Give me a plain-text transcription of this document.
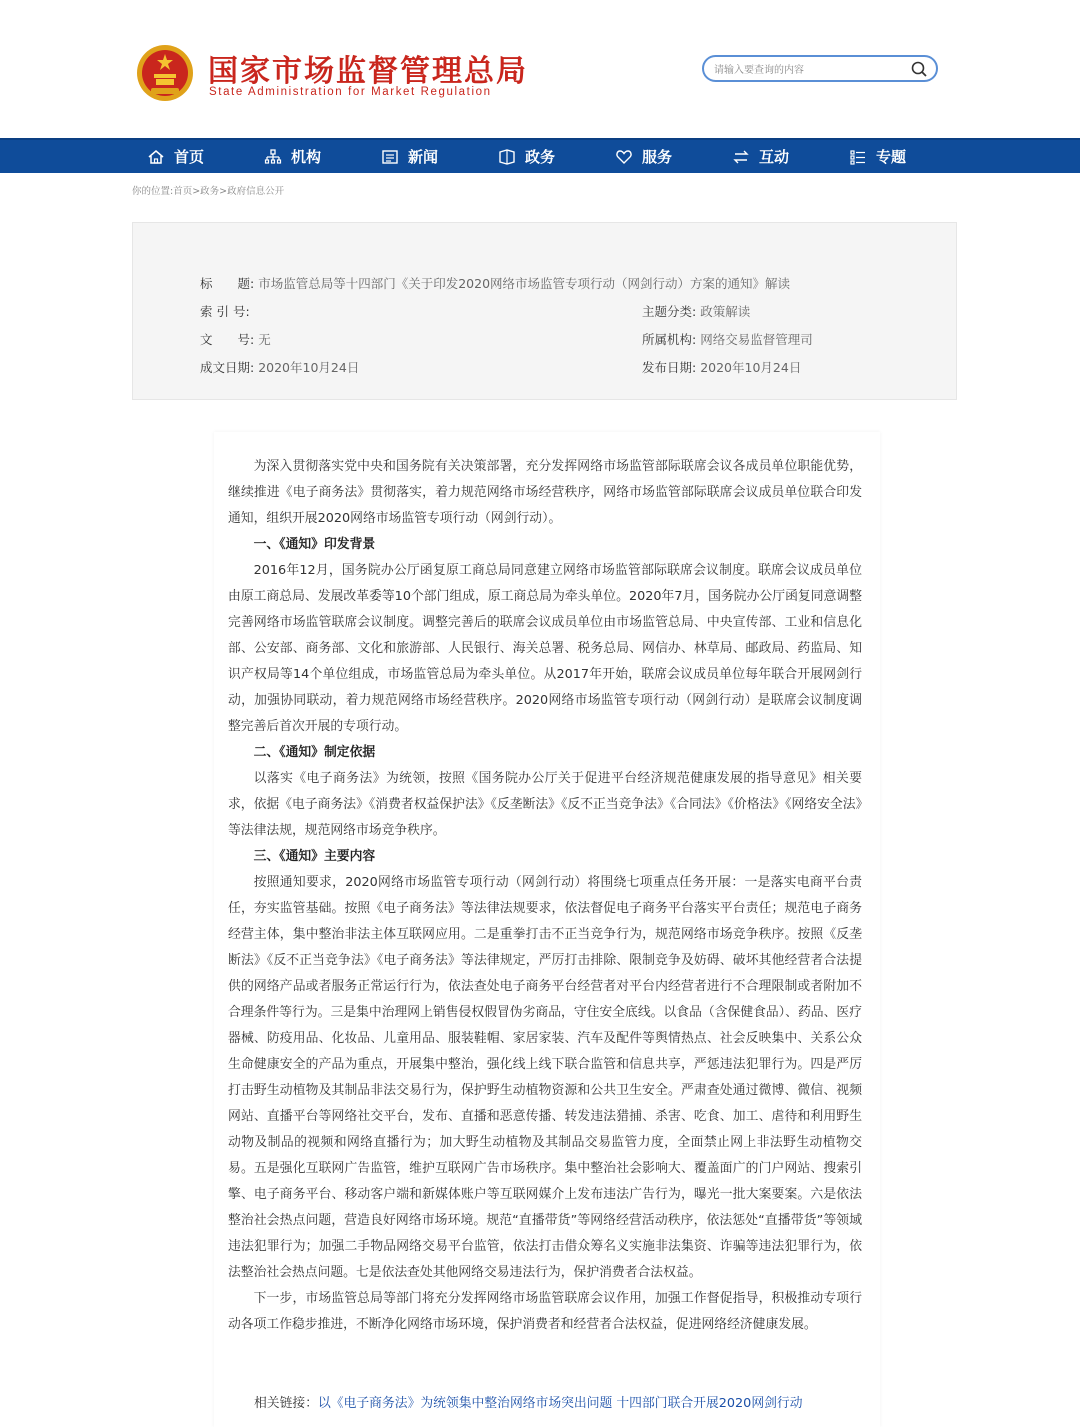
国家市场监督管理总局
State Administration for Market Regulation
请输入要查询的内容
首页	机构	新闻	政务	服务	互动	专题
你的位置:首页>政务>政府信息公开
标　　题: 市场监管总局等十四部门《关于印发2020网络市场监管专项行动（网剑行动）方案的通知》解读
索 引 号:	主题分类: 政策解读
文　　号: 无	所属机构: 网络交易监督管理司
成文日期: 2020年10月24日	发布日期: 2020年10月24日

为深入贯彻落实党中央和国务院有关决策部署，充分发挥网络市场监管部际联席会议各成员单位职能优势，继续推进《电子商务法》贯彻落实，着力规范网络市场经营秩序，网络市场监管部际联席会议成员单位联合印发通知，组织开展2020网络市场监管专项行动（网剑行动）。

一、《通知》印发背景

2016年12月，国务院办公厅函复原工商总局同意建立网络市场监管部际联席会议制度。联席会议成员单位由原工商总局、发展改革委等10个部门组成，原工商总局为牵头单位。2020年7月，国务院办公厅函复同意调整完善网络市场监管联席会议制度。调整完善后的联席会议成员单位由市场监管总局、中央宣传部、工业和信息化部、公安部、商务部、文化和旅游部、人民银行、海关总署、税务总局、网信办、林草局、邮政局、药监局、知识产权局等14个单位组成，市场监管总局为牵头单位。从2017年开始，联席会议成员单位每年联合开展网剑行动，加强协同联动，着力规范网络市场经营秩序。2020网络市场监管专项行动（网剑行动）是联席会议制度调整完善后首次开展的专项行动。

二、《通知》制定依据

以落实《电子商务法》为统领，按照《国务院办公厅关于促进平台经济规范健康发展的指导意见》相关要求，依据《电子商务法》《消费者权益保护法》《反垄断法》《反不正当竞争法》《合同法》《价格法》《网络安全法》等法律法规，规范网络市场竞争秩序。

三、《通知》主要内容

按照通知要求，2020网络市场监管专项行动（网剑行动）将围绕七项重点任务开展：一是落实电商平台责任，夯实监管基础。按照《电子商务法》等法律法规要求，依法督促电子商务平台落实平台责任；规范电子商务经营主体，集中整治非法主体互联网应用。二是重拳打击不正当竞争行为，规范网络市场竞争秩序。按照《反垄断法》《反不正当竞争法》《电子商务法》等法律规定，严厉打击排除、限制竞争及妨碍、破坏其他经营者合法提供的网络产品或者服务正常运行行为，依法查处电子商务平台经营者对平台内经营者进行不合理限制或者附加不合理条件等行为。三是集中治理网上销售侵权假冒伪劣商品，守住安全底线。以食品（含保健食品）、药品、医疗器械、防疫用品、化妆品、儿童用品、服装鞋帽、家居家装、汽车及配件等舆情热点、社会反映集中、关系公众生命健康安全的产品为重点，开展集中整治，强化线上线下联合监管和信息共享，严惩违法犯罪行为。四是严厉打击野生动植物及其制品非法交易行为，保护野生动植物资源和公共卫生安全。严肃查处通过微博、微信、视频网站、直播平台等网络社交平台，发布、直播和恶意传播、转发违法猎捕、杀害、吃食、加工、虐待和利用野生动物及制品的视频和网络直播行为；加大野生动植物及其制品交易监管力度，全面禁止网上非法野生动植物交易。五是强化互联网广告监管，维护互联网广告市场秩序。集中整治社会影响大、覆盖面广的门户网站、搜索引擎、电子商务平台、移动客户端和新媒体账户等互联网媒介上发布违法广告行为，曝光一批大案要案。六是依法整治社会热点问题，营造良好网络市场环境。规范“直播带货”等网络经营活动秩序，依法惩处“直播带货”等领域违法犯罪行为；加强二手物品网络交易平台监管，依法打击借众筹名义实施非法集资、诈骗等违法犯罪行为，依法整治社会热点问题。七是依法查处其他网络交易违法行为，保护消费者合法权益。

下一步，市场监管总局等部门将充分发挥网络市场监管联席会议作用，加强工作督促指导，积极推动专项行动各项工作稳步推进，不断净化网络市场环境，保护消费者和经营者合法权益，促进网络经济健康发展。

相关链接：以《电子商务法》为统领集中整治网络市场突出问题 十四部门联合开展2020网剑行动
